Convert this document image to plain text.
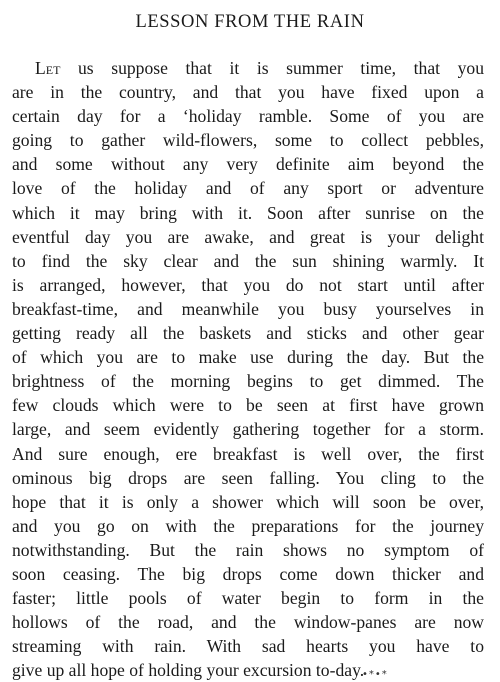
LESSON FROM THE RAIN
Let us suppose that it is summer time, that you
are in the country, and that you have fixed upon a
certain day for a ‘holiday ramble. Some of you are
going to gather wild-flowers, some to collect pebbles,
and some without any very definite aim beyond the
love of the holiday and of any sport or adventure
which it may bring with it. Soon after sunrise on the
eventful day you are awake, and great is your delight
to find the sky clear and the sun shining warmly. It
is arranged, however, that you do not start until after
breakfast-time, and meanwhile you busy yourselves in
getting ready all the baskets and sticks and other gear
of which you are to make use during the day. But the
brightness of the morning begins to get dimmed. The
few clouds which were to be seen at first have grown
large, and seem evidently gathering together for a storm.
And sure enough, ere breakfast is well over, the first
ominous big drops are seen falling. You cling to the
hope that it is only a shower which will soon be over,
and you go on with the preparations for the journey
notwithstanding. But the rain shows no symptom of
soon ceasing. The big drops come down thicker and
faster; little pools of water begin to form in the
hollows of the road, and the window-panes are now
streaming with rain. With sad hearts you have to
give up all hope of holding your excursion to-day.
•*•*
